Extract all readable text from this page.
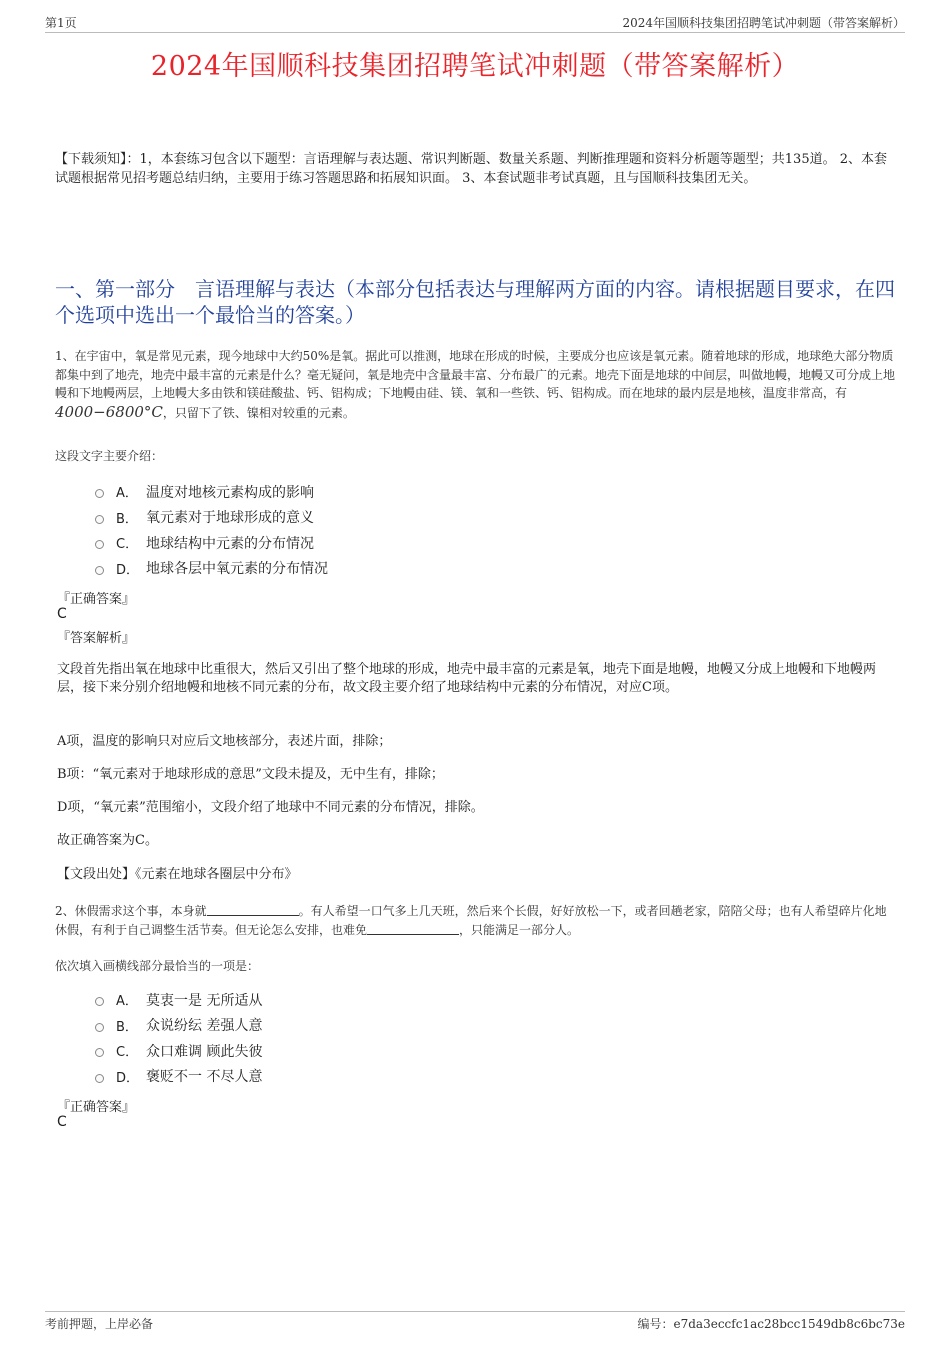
第1页	2024年国顺科技集团招聘笔试冲刺题（带答案解析）
2024年国顺科技集团招聘笔试冲刺题（带答案解析）
【下载须知】：1，本套练习包含以下题型：言语理解与表达题、常识判断题、数量关系题、判断推理题和资料分析题等题型；共135道。 2、本套试题根据常见招考题总结归纳，主要用于练习答题思路和拓展知识面。 3、本套试题非考试真题，且与国顺科技集团无关。
一、第一部分　言语理解与表达（本部分包括表达与理解两方面的内容。请根据题目要求，在四个选项中选出一个最恰当的答案。）
1、在宇宙中，氧是常见元素，现今地球中大约50%是氧。据此可以推测，地球在形成的时候，主要成分也应该是氧元素。随着地球的形成，地球绝大部分物质都集中到了地壳，地壳中最丰富的元素是什么？毫无疑问，氧是地壳中含量最丰富、分布最广的元素。地壳下面是地球的中间层，叫做地幔，地幔又可分成上地幔和下地幔两层，上地幔大多由铁和镁硅酸盐、钙、铝构成；下地幔由硅、镁、氧和一些铁、钙、铝构成。而在地球的最内层是地核，温度非常高，有4000−6800°C，只留下了铁、镍相对较重的元素。
这段文字主要介绍：
A． 温度对地核元素构成的影响
B． 氧元素对于地球形成的意义
C． 地球结构中元素的分布情况
D． 地球各层中氧元素的分布情况
『正确答案』
C
『答案解析』
文段首先指出氧在地球中比重很大，然后又引出了整个地球的形成，地壳中最丰富的元素是氧，地壳下面是地幔，地幔又分成上地幔和下地幔两层，接下来分别介绍地幔和地核不同元素的分布，故文段主要介绍了地球结构中元素的分布情况，对应C项。
A项，温度的影响只对应后文地核部分，表述片面，排除；
B项：“氧元素对于地球形成的意思”文段未提及，无中生有，排除；
D项，“氧元素”范围缩小，文段介绍了地球中不同元素的分布情况，排除。
故正确答案为C。
【文段出处】《元素在地球各圈层中分布》
2、休假需求这个事，本身就	。有人希望一口气多上几天班，然后来个长假，好好放松一下，或者回趟老家，陪陪父母；也有人希望碎片化地休假，有利于自己调整生活节奏。但无论怎么安排，也难免	，只能满足一部分人。
依次填入画横线部分最恰当的一项是：
A． 莫衷一是 无所适从
B． 众说纷纭 差强人意
C． 众口难调 顾此失彼
D． 褒贬不一 不尽人意
『正确答案』
C
考前押题，上岸必备	编号：e7da3eccfc1ac28bcc1549db8c6bc73e
